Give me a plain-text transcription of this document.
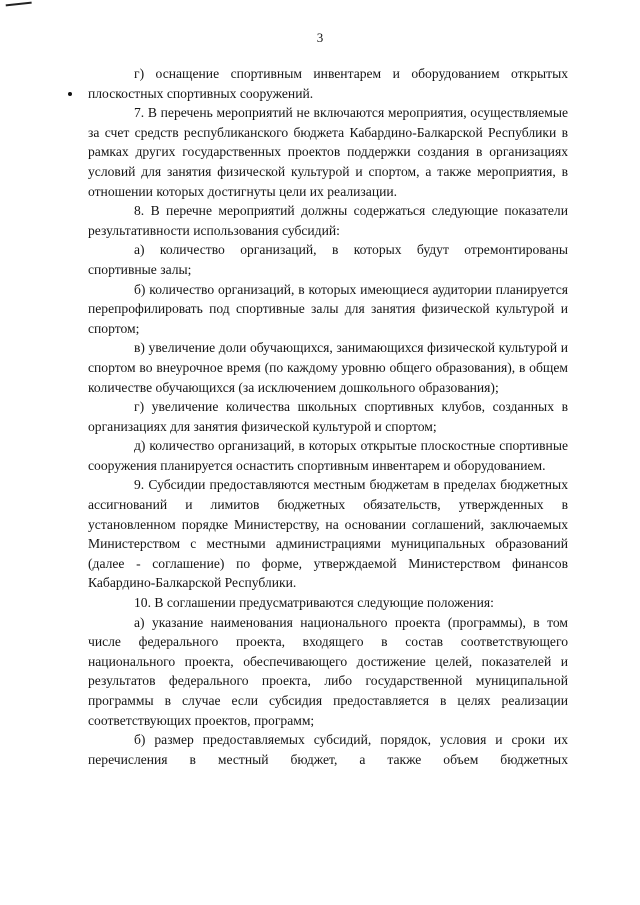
3

г) оснащение спортивным инвентарем и оборудованием открытых плоскостных спортивных сооружений.

7. В перечень мероприятий не включаются мероприятия, осуществляемые за счет средств республиканского бюджета Кабардино-Балкарской Республики в рамках других государственных проектов поддержки создания в организациях условий для занятия физической культурой и спортом, а также мероприятия, в отношении которых достигнуты цели их реализации.

8. В перечне мероприятий должны содержаться следующие показатели результативности использования субсидий:

а) количество организаций, в которых будут отремонтированы спортивные залы;

б) количество организаций, в которых имеющиеся аудитории планируется перепрофилировать под спортивные залы для занятия физической культурой и спортом;

в) увеличение доли обучающихся, занимающихся физической культурой и спортом во внеурочное время (по каждому уровню общего образования), в общем количестве обучающихся (за исключением дошкольного образования);

г) увеличение количества школьных спортивных клубов, созданных в организациях для занятия физической культурой и спортом;

д) количество организаций, в которых открытые плоскостные спортивные сооружения планируется оснастить спортивным инвентарем и оборудованием.

9. Субсидии предоставляются местным бюджетам в пределах бюджетных ассигнований и лимитов бюджетных обязательств, утвержденных в установленном порядке Министерству, на основании соглашений, заключаемых Министерством с местными администрациями муниципальных образований (далее - соглашение) по форме, утверждаемой Министерством финансов Кабардино-Балкарской Республики.

10. В соглашении предусматриваются следующие положения:

а) указание наименования национального проекта (программы), в том числе федерального проекта, входящего в состав соответствующего национального проекта, обеспечивающего достижение целей, показателей и результатов федерального проекта, либо государственной муниципальной программы в случае если субсидия предоставляется в целях реализации соответствующих проектов, программ;

б) размер предоставляемых субсидий, порядок, условия и сроки их перечисления в местный бюджет, а также объем бюджетных
